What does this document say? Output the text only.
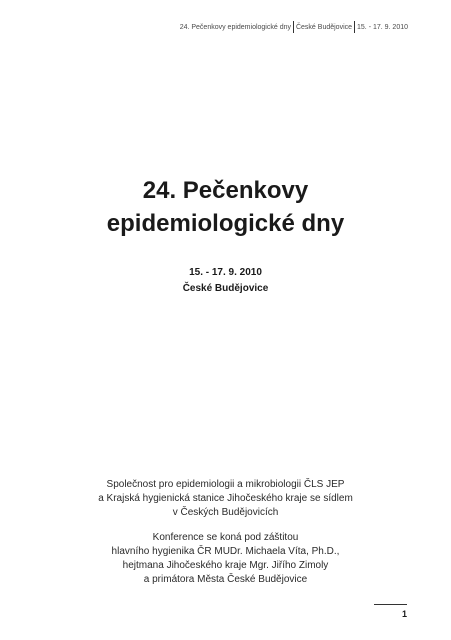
24. Pečenkovy epidemiologické dny České Budějovice 15. - 17. 9. 2010
24. Pečenkovy
epidemiologické dny
15. - 17. 9. 2010
České Budějovice
Společnost pro epidemiologii a mikrobiologii ČLS JEP
a Krajská hygienická stanice Jihočeského kraje se sídlem
v Českých Budějovicích
Konference se koná pod záštitou
hlavního hygienika ČR MUDr. Michaela Víta, Ph.D.,
hejtmana Jihočeského kraje Mgr. Jiřího Zimoly
a primátora Města České Budějovice
1
